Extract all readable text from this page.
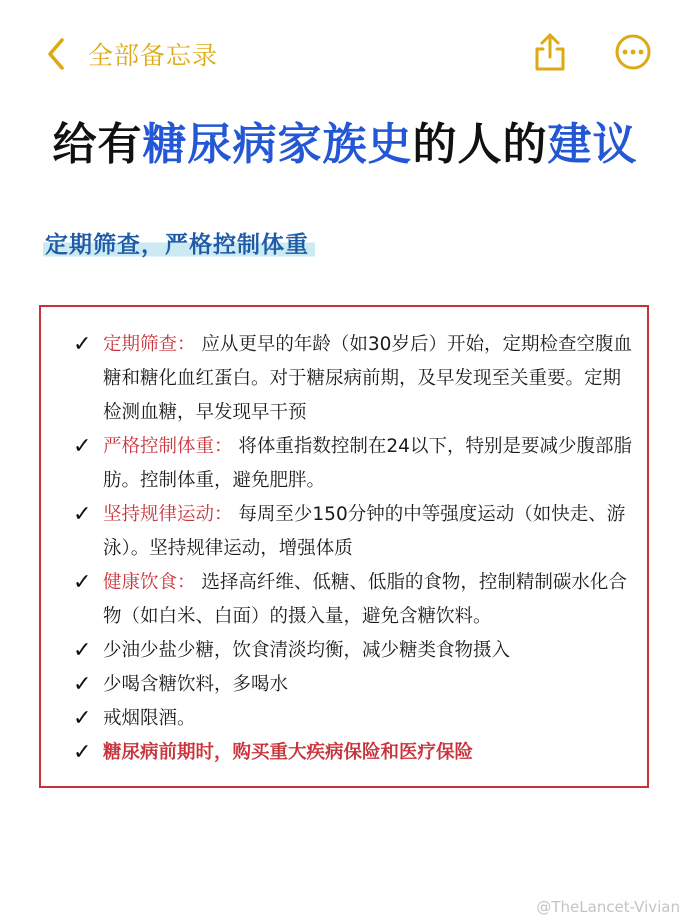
全部备忘录
给有糖尿病家族史的人的建议
定期筛查，严格控制体重
✓ 定期筛查： 应从更早的年龄（如30岁后）开始，定期检查空腹血糖和糖化血红蛋白。对于糖尿病前期，及早发现至关重要。定期检测血糖，早发现早干预
✓ 严格控制体重： 将体重指数控制在24以下，特别是要减少腹部脂肪。控制体重，避免肥胖。
✓ 坚持规律运动： 每周至少150分钟的中等强度运动（如快走、游泳）。坚持规律运动，增强体质
✓ 健康饮食： 选择高纤维、低糖、低脂的食物，控制精制碳水化合物（如白米、白面）的摄入量，避免含糖饮料。
✓ 少油少盐少糖，饮食清淡均衡，减少糖类食物摄入
✓ 少喝含糖饮料，多喝水
✓ 戒烟限酒。
✓ 糖尿病前期时，购买重大疾病保险和医疗保险
@TheLancet-Vivian
